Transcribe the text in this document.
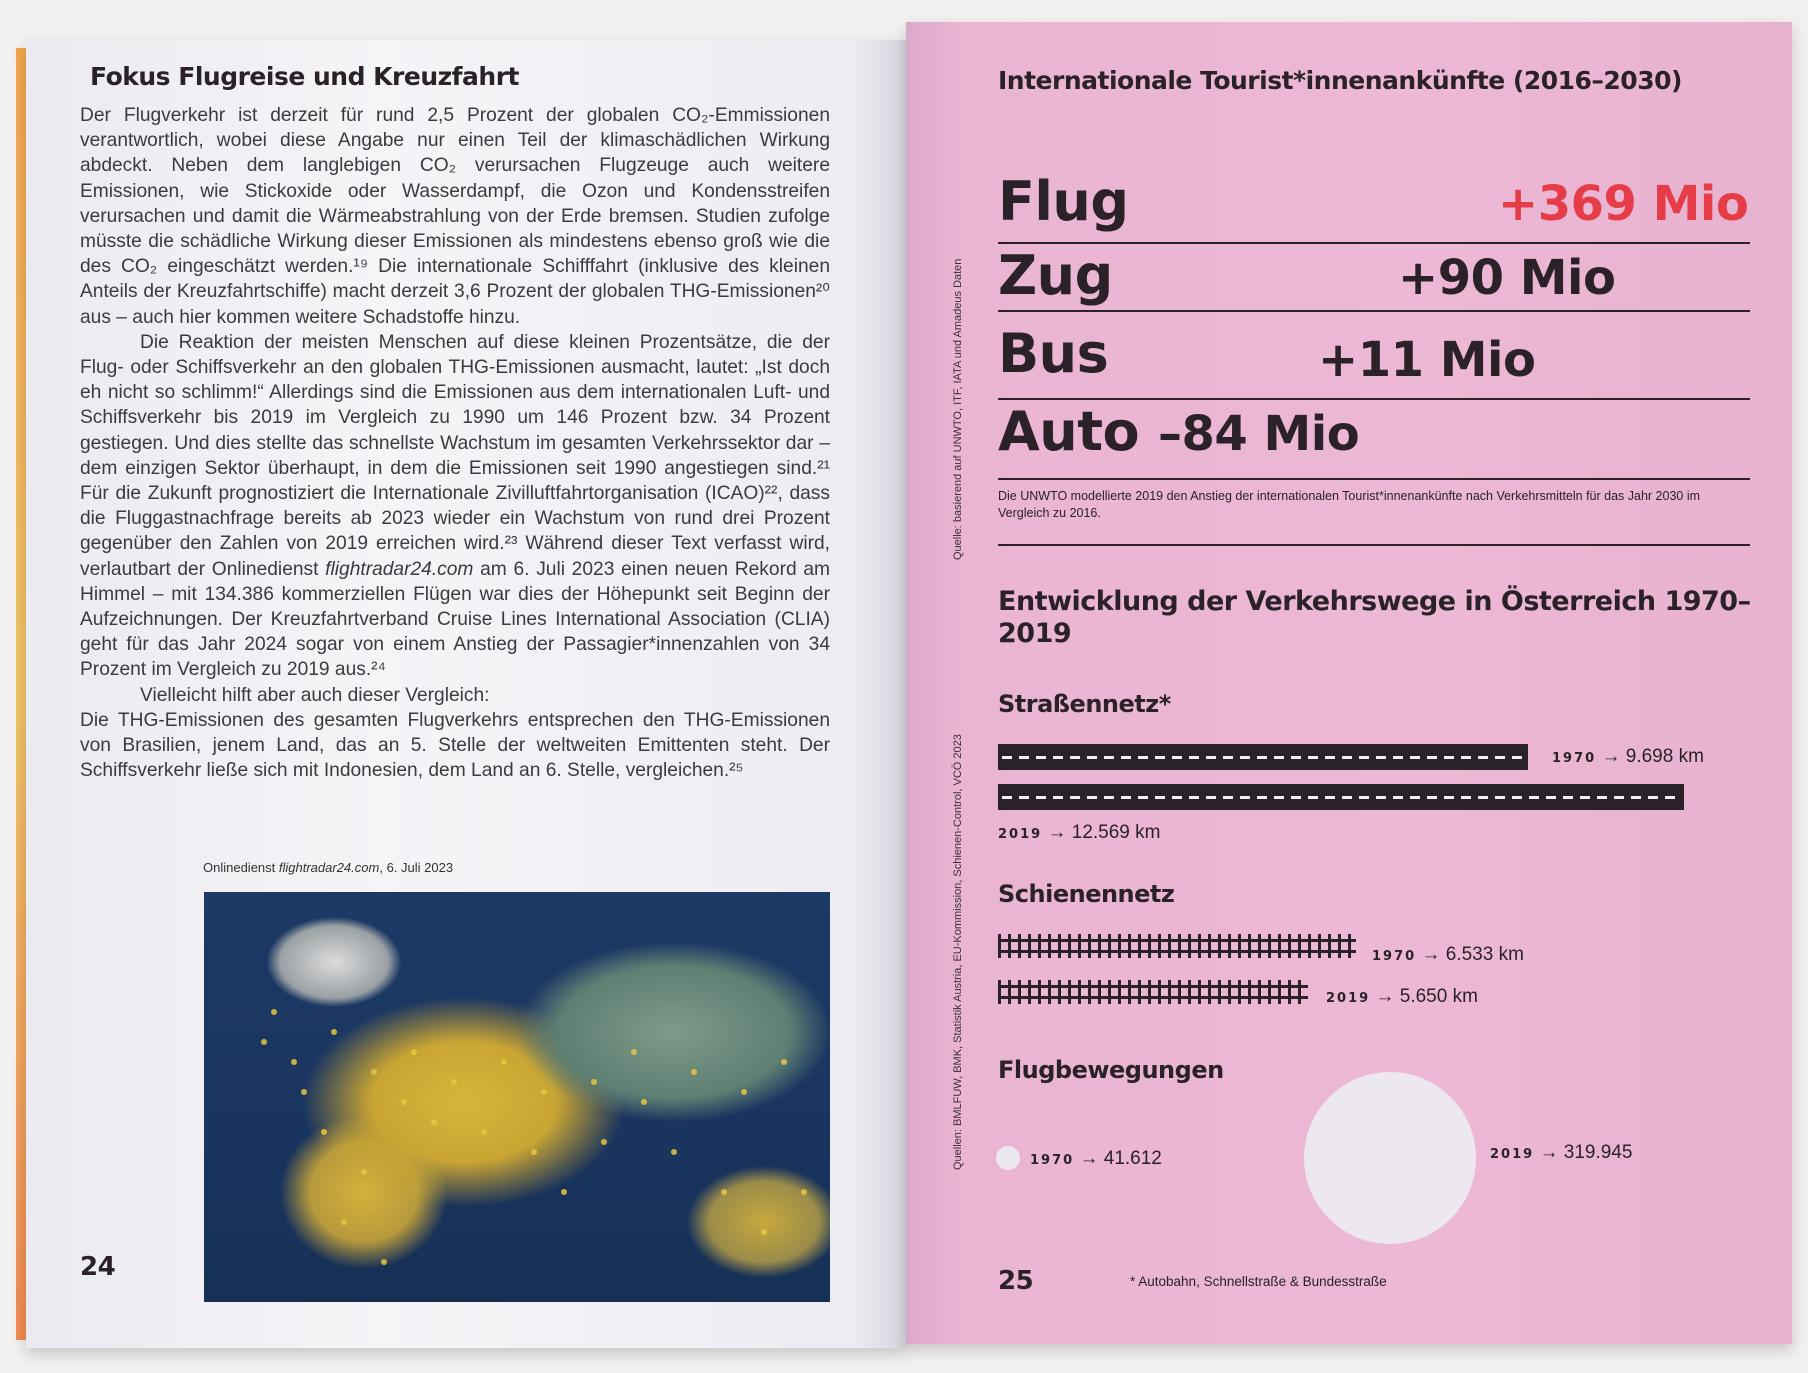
Fokus Flugreise und Kreuzfahrt

Der Flugverkehr ist derzeit für rund 2,5 Prozent der globalen CO₂-Emmissionen verantwortlich, wobei diese Angabe nur einen Teil der klimaschädlichen Wirkung abdeckt. Neben dem langlebigen CO₂ verursachen Flugzeuge auch weitere Emissionen, wie Stickoxide oder Wasserdampf, die Ozon und Kondensstreifen verursachen und damit die Wärmeabstrahlung von der Erde bremsen. Studien zufolge müsste die schädliche Wirkung dieser Emissionen als mindestens ebenso groß wie die des CO₂ eingeschätzt werden.¹⁹ Die internationale Schifffahrt (inklusive des kleinen Anteils der Kreuzfahrtschiffe) macht derzeit 3,6 Prozent der globalen THG-Emissionen²⁰ aus – auch hier kommen weitere Schadstoffe hinzu.

Die Reaktion der meisten Menschen auf diese kleinen Prozentsätze, die der Flug- oder Schiffsverkehr an den globalen THG-Emissionen ausmacht, lautet: „Ist doch eh nicht so schlimm!“ Allerdings sind die Emissionen aus dem internationalen Luft- und Schiffsverkehr bis 2019 im Vergleich zu 1990 um 146 Prozent bzw. 34 Prozent gestiegen. Und dies stellte das schnellste Wachstum im gesamten Verkehrssektor dar – dem einzigen Sektor überhaupt, in dem die Emissionen seit 1990 angestiegen sind.²¹ Für die Zukunft prognostiziert die Internationale Zivilluftfahrtorganisation (ICAO)²², dass die Fluggastnachfrage bereits ab 2023 wieder ein Wachstum von rund drei Prozent gegenüber den Zahlen von 2019 erreichen wird.²³ Während dieser Text verfasst wird, verlautbart der Onlinedienst flightradar24.com am 6. Juli 2023 einen neuen Rekord am Himmel – mit 134.386 kommerziellen Flügen war dies der Höhepunkt seit Beginn der Aufzeichnungen. Der Kreuzfahrtverband Cruise Lines International Association (CLIA) geht für das Jahr 2024 sogar von einem Anstieg der Passagier*innenzahlen von 34 Prozent im Vergleich zu 2019 aus.²⁴

Vielleicht hilft aber auch dieser Vergleich:

Die THG-Emissionen des gesamten Flugverkehrs entsprechen den THG-Emissionen von Brasilien, jenem Land, das an 5. Stelle der weltweiten Emittenten steht. Der Schiffsverkehr ließe sich mit Indonesien, dem Land an 6. Stelle, vergleichen.²⁵

Onlinedienst flightradar24.com, 6. Juli 2023
24
Internationale Tourist*innenankünfte (2016–2030)
Quelle: basierend auf UNWTO, ITF, IATA und Amadeus Daten
Flug	+369 Mio
Zug	+90 Mio
Bus	+11 Mio
Auto –84 Mio
Die UNWTO modellierte 2019 den Anstieg der internationalen Tourist*innenankünfte nach Verkehrsmitteln für das Jahr 2030 im Vergleich zu 2016.
Entwicklung der Verkehrswege in Österreich 1970–2019
Quellen: BMLFUW, BMK, Statistik Austria, EU-Kommission, Schienen-Control, VCÖ 2023
Straßennetz*
1970 → 9.698 km
2019 → 12.569 km
Schienennetz
1970 → 6.533 km
2019 → 5.650 km
Flugbewegungen
1970 → 41.612	2019 → 319.945
25	* Autobahn, Schnellstraße & Bundesstraße
